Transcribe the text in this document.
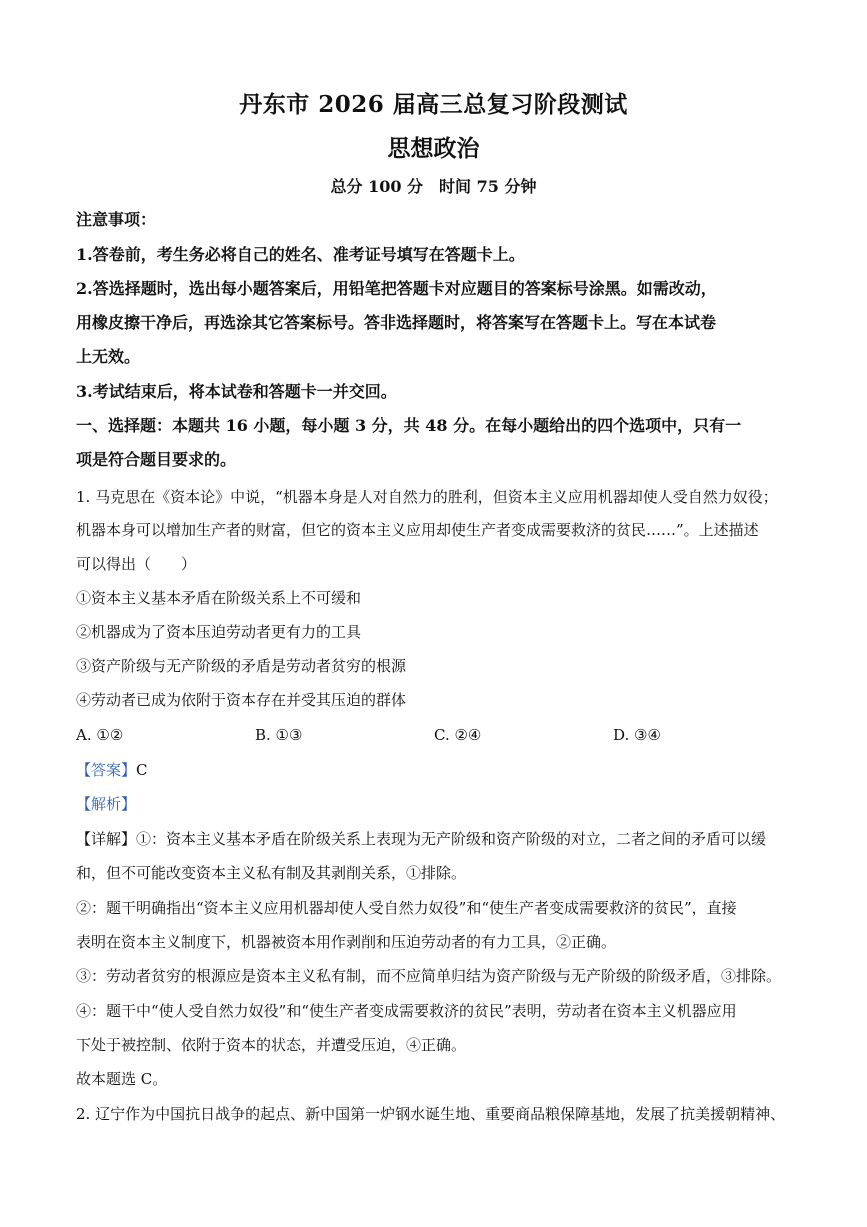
丹东市 2026 届高三总复习阶段测试
思想政治
总分 100 分　时间 75 分钟
注意事项：
1.答卷前，考生务必将自己的姓名、准考证号填写在答题卡上。
2.答选择题时，选出每小题答案后，用铅笔把答题卡对应题目的答案标号涂黑。如需改动，
用橡皮擦干净后，再选涂其它答案标号。答非选择题时，将答案写在答题卡上。写在本试卷
上无效。
3.考试结束后，将本试卷和答题卡一并交回。
一、选择题：本题共 16 小题，每小题 3 分，共 48 分。在每小题给出的四个选项中，只有一
项是符合题目要求的。
1. 马克思在《资本论》中说，“机器本身是人对自然力的胜利，但资本主义应用机器却使人受自然力奴役；
机器本身可以增加生产者的财富，但它的资本主义应用却使生产者变成需要救济的贫民……”。上述描述
可以得出（　　）
①资本主义基本矛盾在阶级关系上不可缓和
②机器成为了资本压迫劳动者更有力的工具
③资产阶级与无产阶级的矛盾是劳动者贫穷的根源
④劳动者已成为依附于资本存在并受其压迫的群体
A. ①②	B. ①③	C. ②④	D. ③④
【答案】C
【解析】
【详解】①：资本主义基本矛盾在阶级关系上表现为无产阶级和资产阶级的对立，二者之间的矛盾可以缓
和，但不可能改变资本主义私有制及其剥削关系，①排除。
②：题干明确指出“资本主义应用机器却使人受自然力奴役”和“使生产者变成需要救济的贫民”，直接
表明在资本主义制度下，机器被资本用作剥削和压迫劳动者的有力工具，②正确。
③：劳动者贫穷的根源应是资本主义私有制，而不应简单归结为资产阶级与无产阶级的阶级矛盾，③排除。
④：题干中“使人受自然力奴役”和“使生产者变成需要救济的贫民”表明，劳动者在资本主义机器应用
下处于被控制、依附于资本的状态，并遭受压迫，④正确。
故本题选 C。
2. 辽宁作为中国抗日战争的起点、新中国第一炉钢水诞生地、重要商品粮保障基地，发展了抗美援朝精神、
